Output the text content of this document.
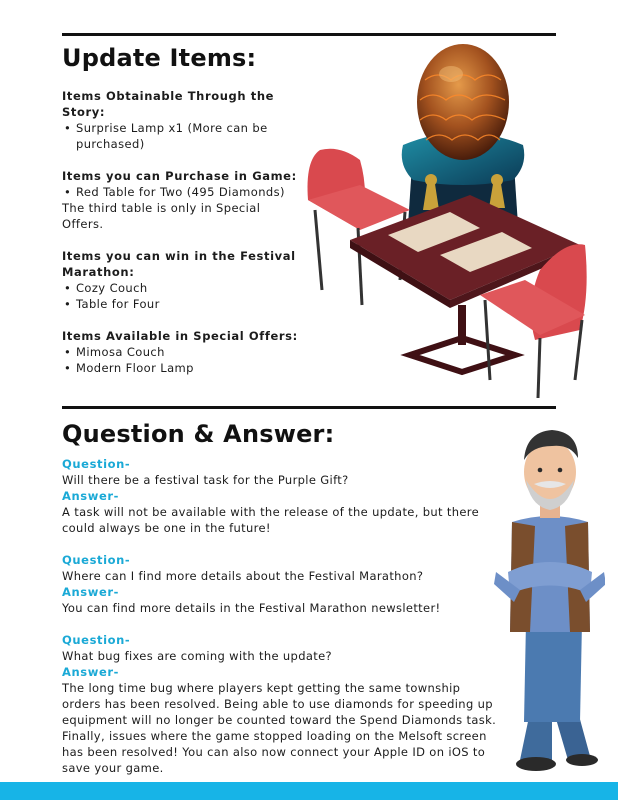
Update Items:
Items Obtainable Through the Story:
• Surprise Lamp x1 (More can be purchased)
Items you can Purchase in Game:
• Red Table for Two (495 Diamonds)
The third table is only in Special Offers.
Items you can win in the Festival Marathon:
• Cozy Couch
• Table for Four
Items Available in Special Offers:
• Mimosa Couch
• Modern Floor Lamp
Question & Answer:
Question-
Will there be a festival task for the Purple Gift?
Answer-
A task will not be available with the release of the update, but there could always be one in the future!
Question-
Where can I find more details about the Festival Marathon?
Answer-
You can find more details in the Festival Marathon newsletter!
Question-
What bug fixes are coming with the update?
Answer-
The long time bug where players kept getting the same township orders has been resolved. Being able to use diamonds for speeding up equipment will no longer be counted toward the Spend Diamonds task. Finally, issues where the game stopped loading on the Melsoft screen has been resolved! You can also now connect your Apple ID on iOS to save your game.
